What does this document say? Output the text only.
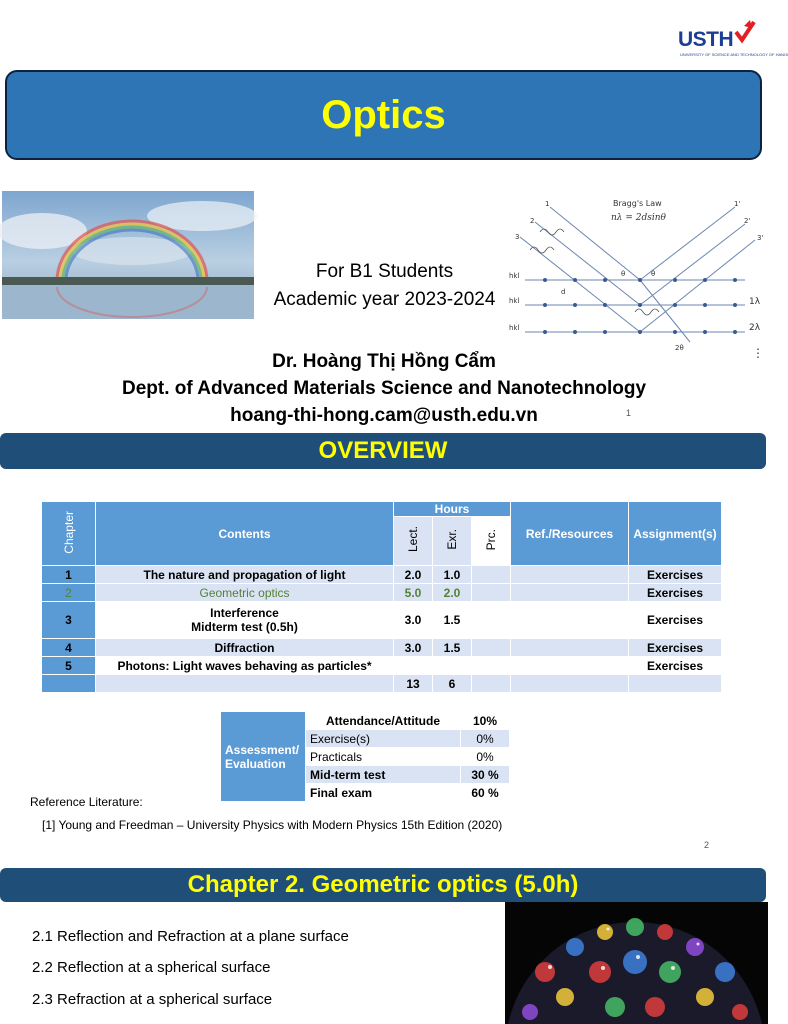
USTH
UNIVERSITY OF SCIENCE AND TECHNOLOGY OF HANOI
Optics
For B1 Students
Academic year 2023-2024
Bragg's Law
nλ = 2dsinθ
1
2
3
1'
2'
3'
hkl
hkl
hkl
d
θ	θ
1λ
2λ
⋮
2θ
Dr. Hoàng Thị Hồng Cẩm
Dept. of Advanced Materials Science and Nanotechnology
hoang-thi-hong.cam@usth.edu.vn	1
OVERVIEW
Chapter	Contents	Hours			Ref./Resources	Assignment(s)
		Lect.	Exr.	Prc.		
1	The nature and propagation of light	2.0	1.0			Exercises
2	Geometric optics	5.0	2.0			Exercises
3	Interference
Midterm test (0.5h)	3.0	1.5			Exercises
4	Diffraction	3.0	1.5			Exercises
5	Photons: Light waves behaving as particles*					Exercises
		13	6			
Assessment/
Evaluation	Attendance/Attitude	10%
	Exercise(s)	0%
	Practicals	0%
	Mid-term test	30 %
	Final exam	60 %
Reference Literature:
[1] Young and Freedman – University Physics with Modern Physics 15th Edition (2020)
2
Chapter 2. Geometric optics (5.0h)
2.1 Reflection and Refraction at a plane surface
2.2 Reflection at a spherical surface
2.3 Refraction at a spherical surface
